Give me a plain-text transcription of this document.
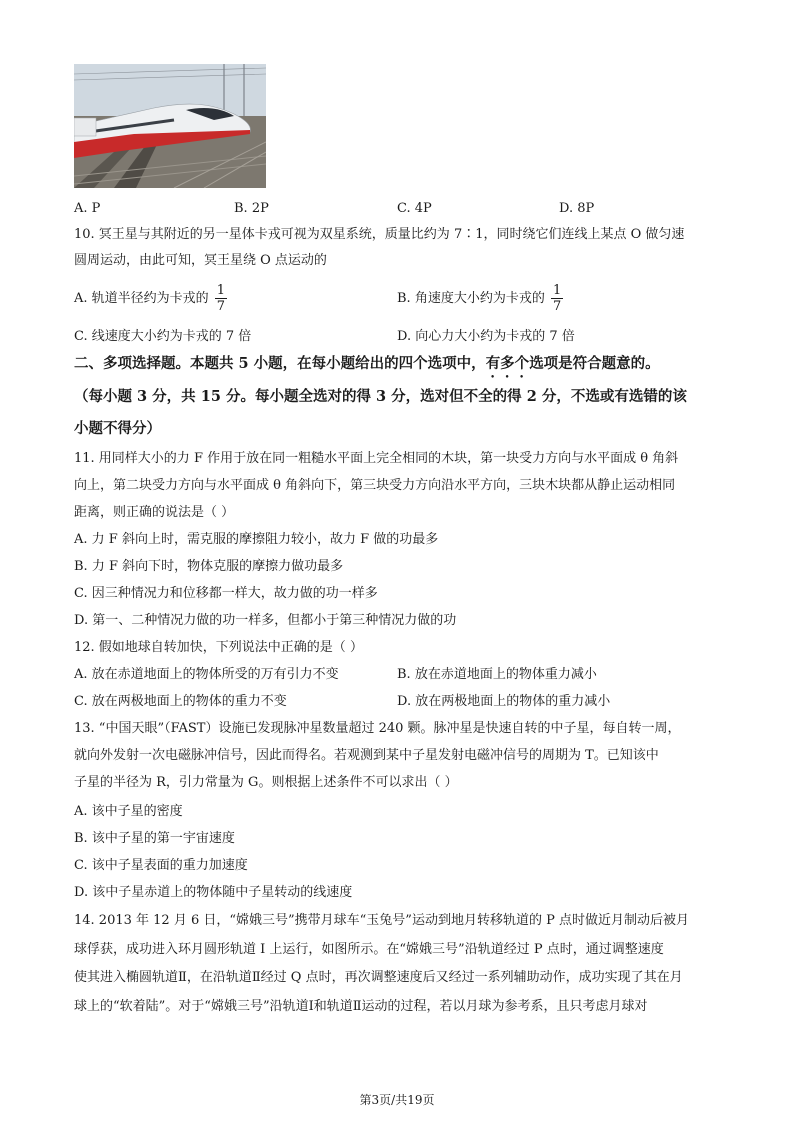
A. P	B. 2P	C. 4P	D. 8P
10. 冥王星与其附近的另一星体卡戎可视为双星系统，质量比约为 7∶1，同时绕它们连线上某点 O 做匀速
圆周运动，由此可知，冥王星绕 O 点运动的
A. 轨道半径约为卡戎的 $\frac{1}{7}$	B. 角速度大小约为卡戎的 $\frac{1}{7}$
C. 线速度大小约为卡戎的 7 倍	D. 向心力大小约为卡戎的 7 倍
二、多项选择题。本题共 5 小题，在每小题给出的四个选项中，有多个选项是符合题意的。
（每小题 3 分，共 15 分。每小题全选对的得 3 分，选对但不全的得 2 分，不选或有选错的该
小题不得分）
11. 用同样大小的力 F 作用于放在同一粗糙水平面上完全相同的木块，第一块受力方向与水平面成 θ 角斜
向上，第二块受力方向与水平面成 θ 角斜向下，第三块受力方向沿水平方向，三块木块都从静止运动相同
距离，则正确的说法是（ ）
A. 力 F 斜向上时，需克服的摩擦阻力较小，故力 F 做的功最多
B. 力 F 斜向下时，物体克服的摩擦力做功最多
C. 因三种情况力和位移都一样大，故力做的功一样多
D. 第一、二种情况力做的功一样多，但都小于第三种情况力做的功
12. 假如地球自转加快，下列说法中正确的是（ ）
A. 放在赤道地面上的物体所受的万有引力不变	B. 放在赤道地面上的物体重力减小
C. 放在两极地面上的物体的重力不变	D. 放在两极地面上的物体的重力减小
13. “中国天眼”（FAST）设施已发现脉冲星数量超过 240 颗。脉冲星是快速自转的中子星，每自转一周，
就向外发射一次电磁脉冲信号，因此而得名。若观测到某中子星发射电磁冲信号的周期为 T。已知该中
子星的半径为 R，引力常量为 G。则根据上述条件不可以求出（ ）
A. 该中子星的密度
B. 该中子星的第一宇宙速度
C. 该中子星表面的重力加速度
D. 该中子星赤道上的物体随中子星转动的线速度
14. 2013 年 12 月 6 日，“嫦娥三号”携带月球车“玉兔号”运动到地月转移轨道的 P 点时做近月制动后被月
球俘获，成功进入环月圆形轨道 I 上运行，如图所示。在“嫦娥三号”沿轨道经过 P 点时，通过调整速度
使其进入椭圆轨道Ⅱ，在沿轨道Ⅱ经过 Q 点时，再次调整速度后又经过一系列辅助动作，成功实现了其在月
球上的“软着陆”。对于“嫦娥三号”沿轨道Ⅰ和轨道Ⅱ运动的过程，若以月球为参考系，且只考虑月球对
第3页/共19页
